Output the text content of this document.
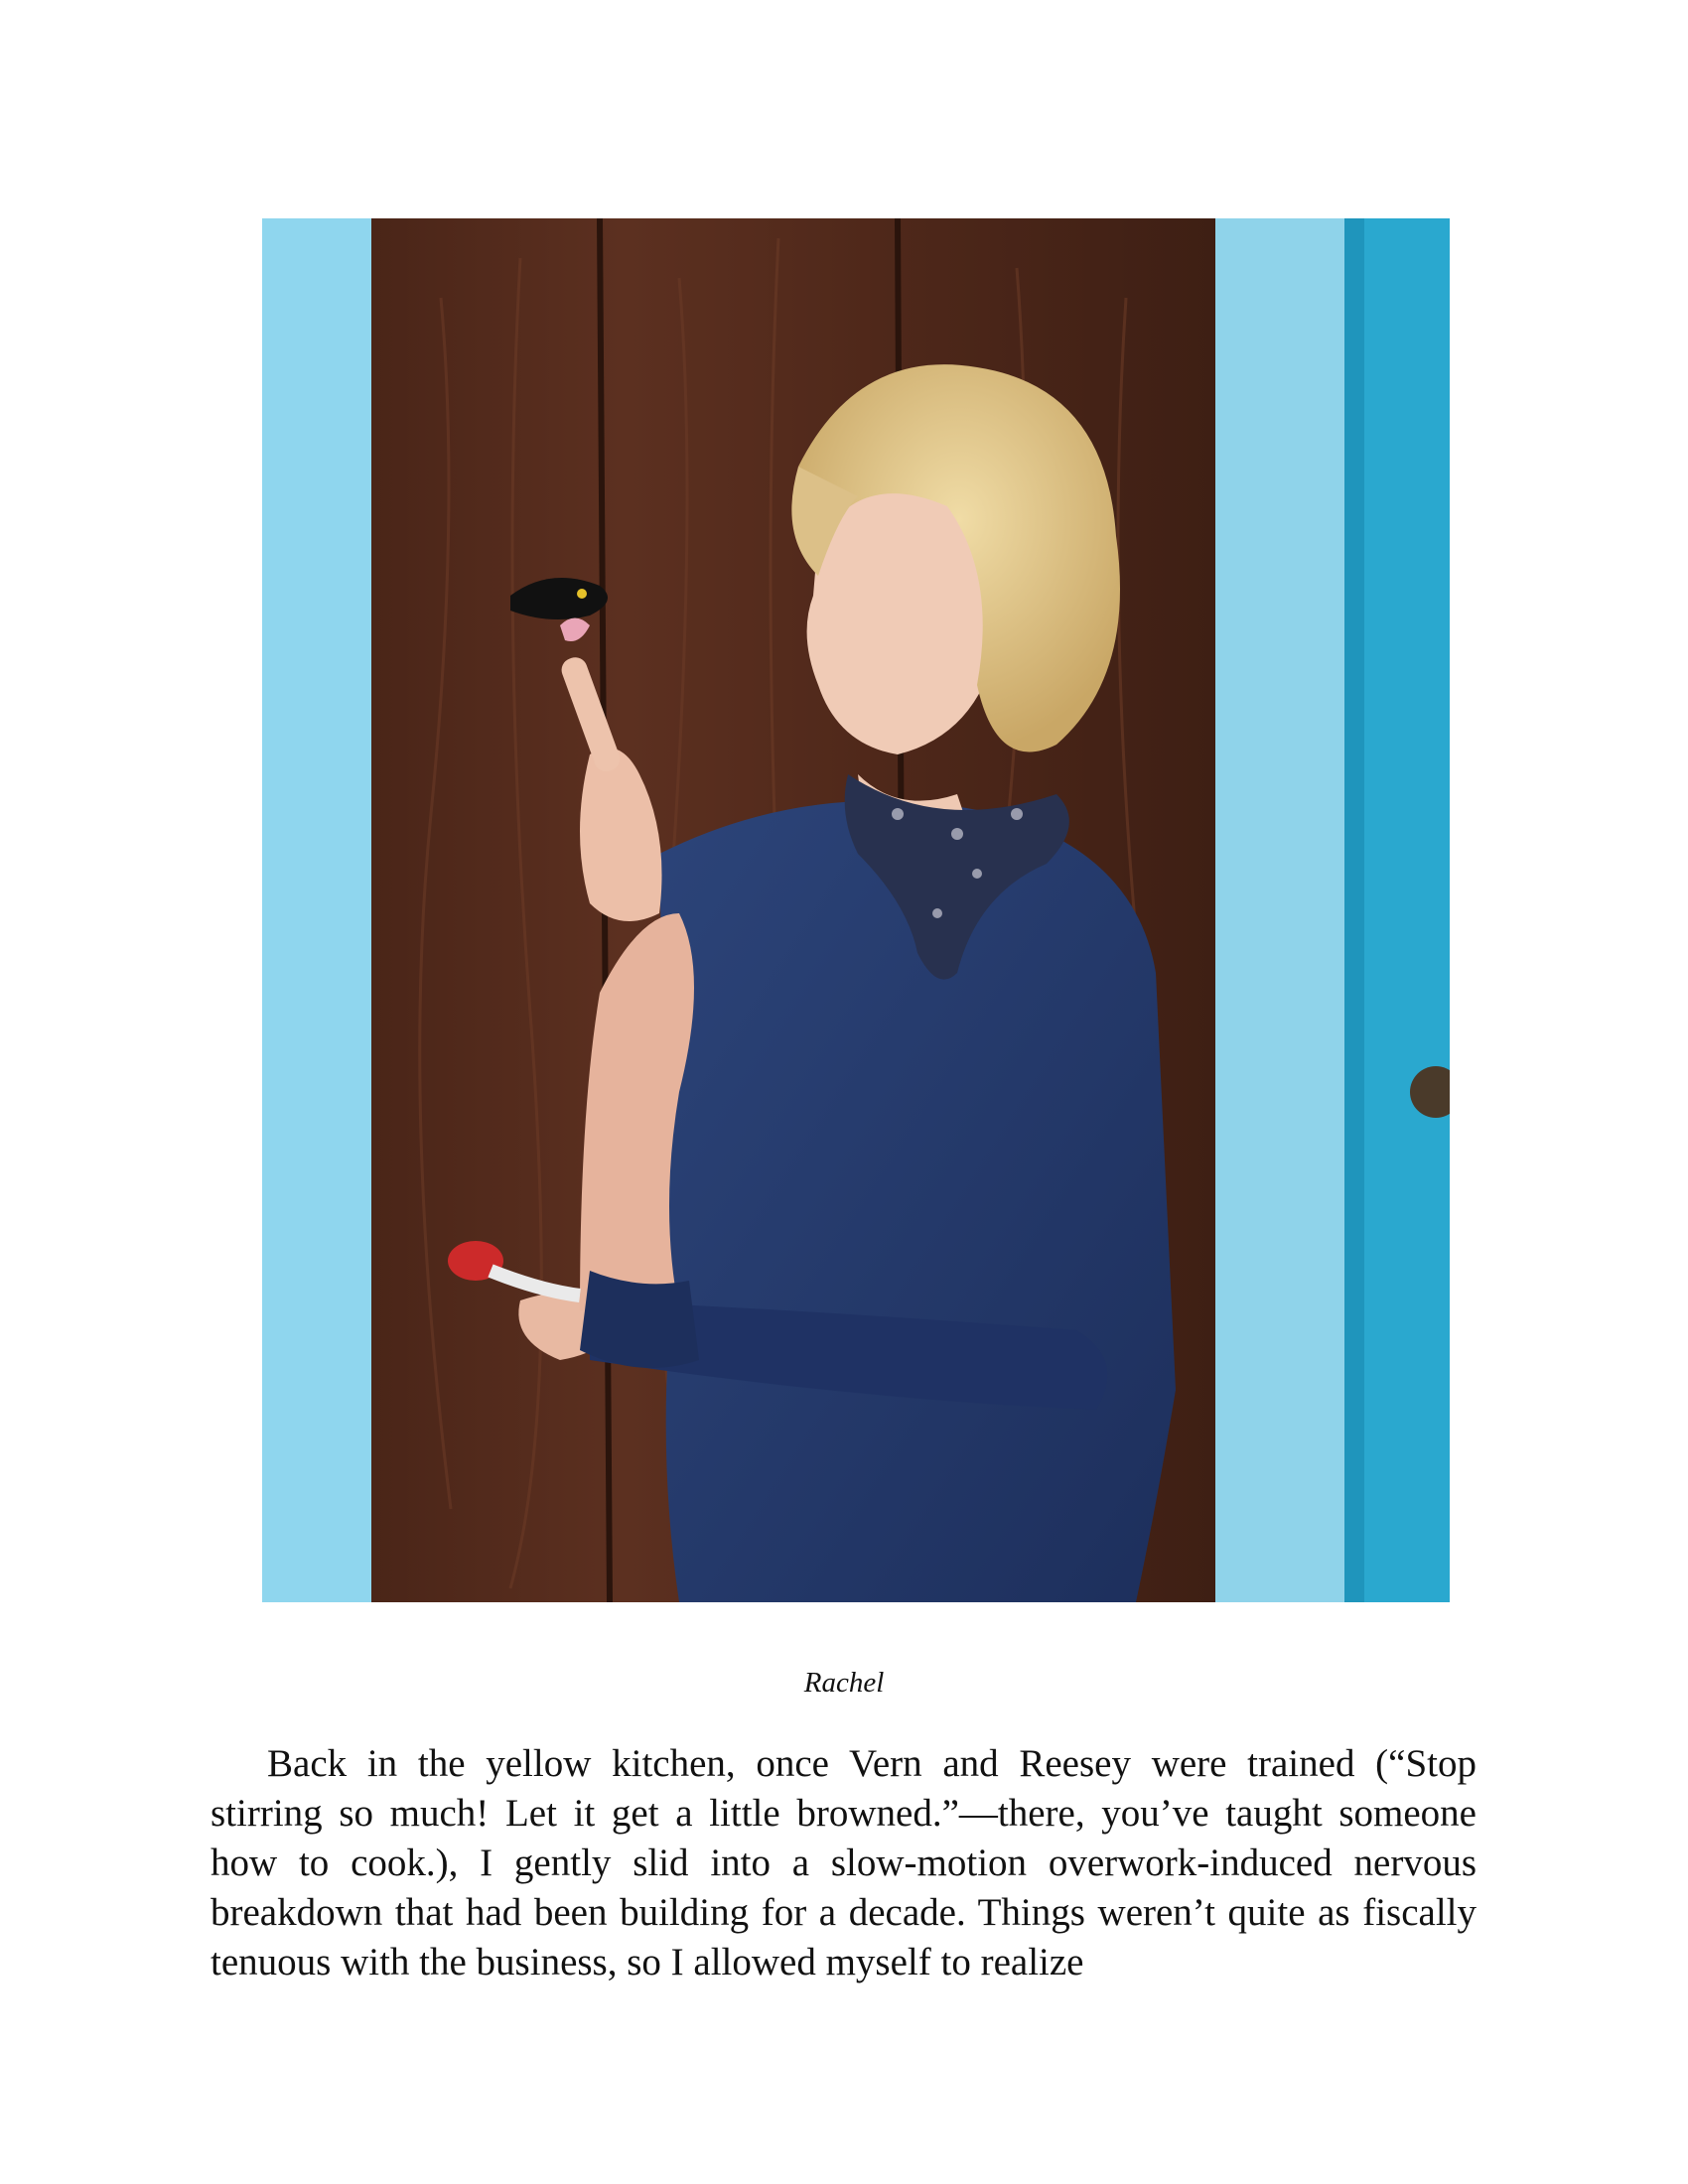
Rachel

Back in the yellow kitchen, once Vern and Reesey were trained (“Stop stirring so much! Let it get a little browned.”—there, you’ve taught someone how to cook.), I gently slid into a slow-motion overwork-induced nervous breakdown that had been building for a decade. Things weren’t quite as fiscally tenuous with the business, so I allowed myself to realize
